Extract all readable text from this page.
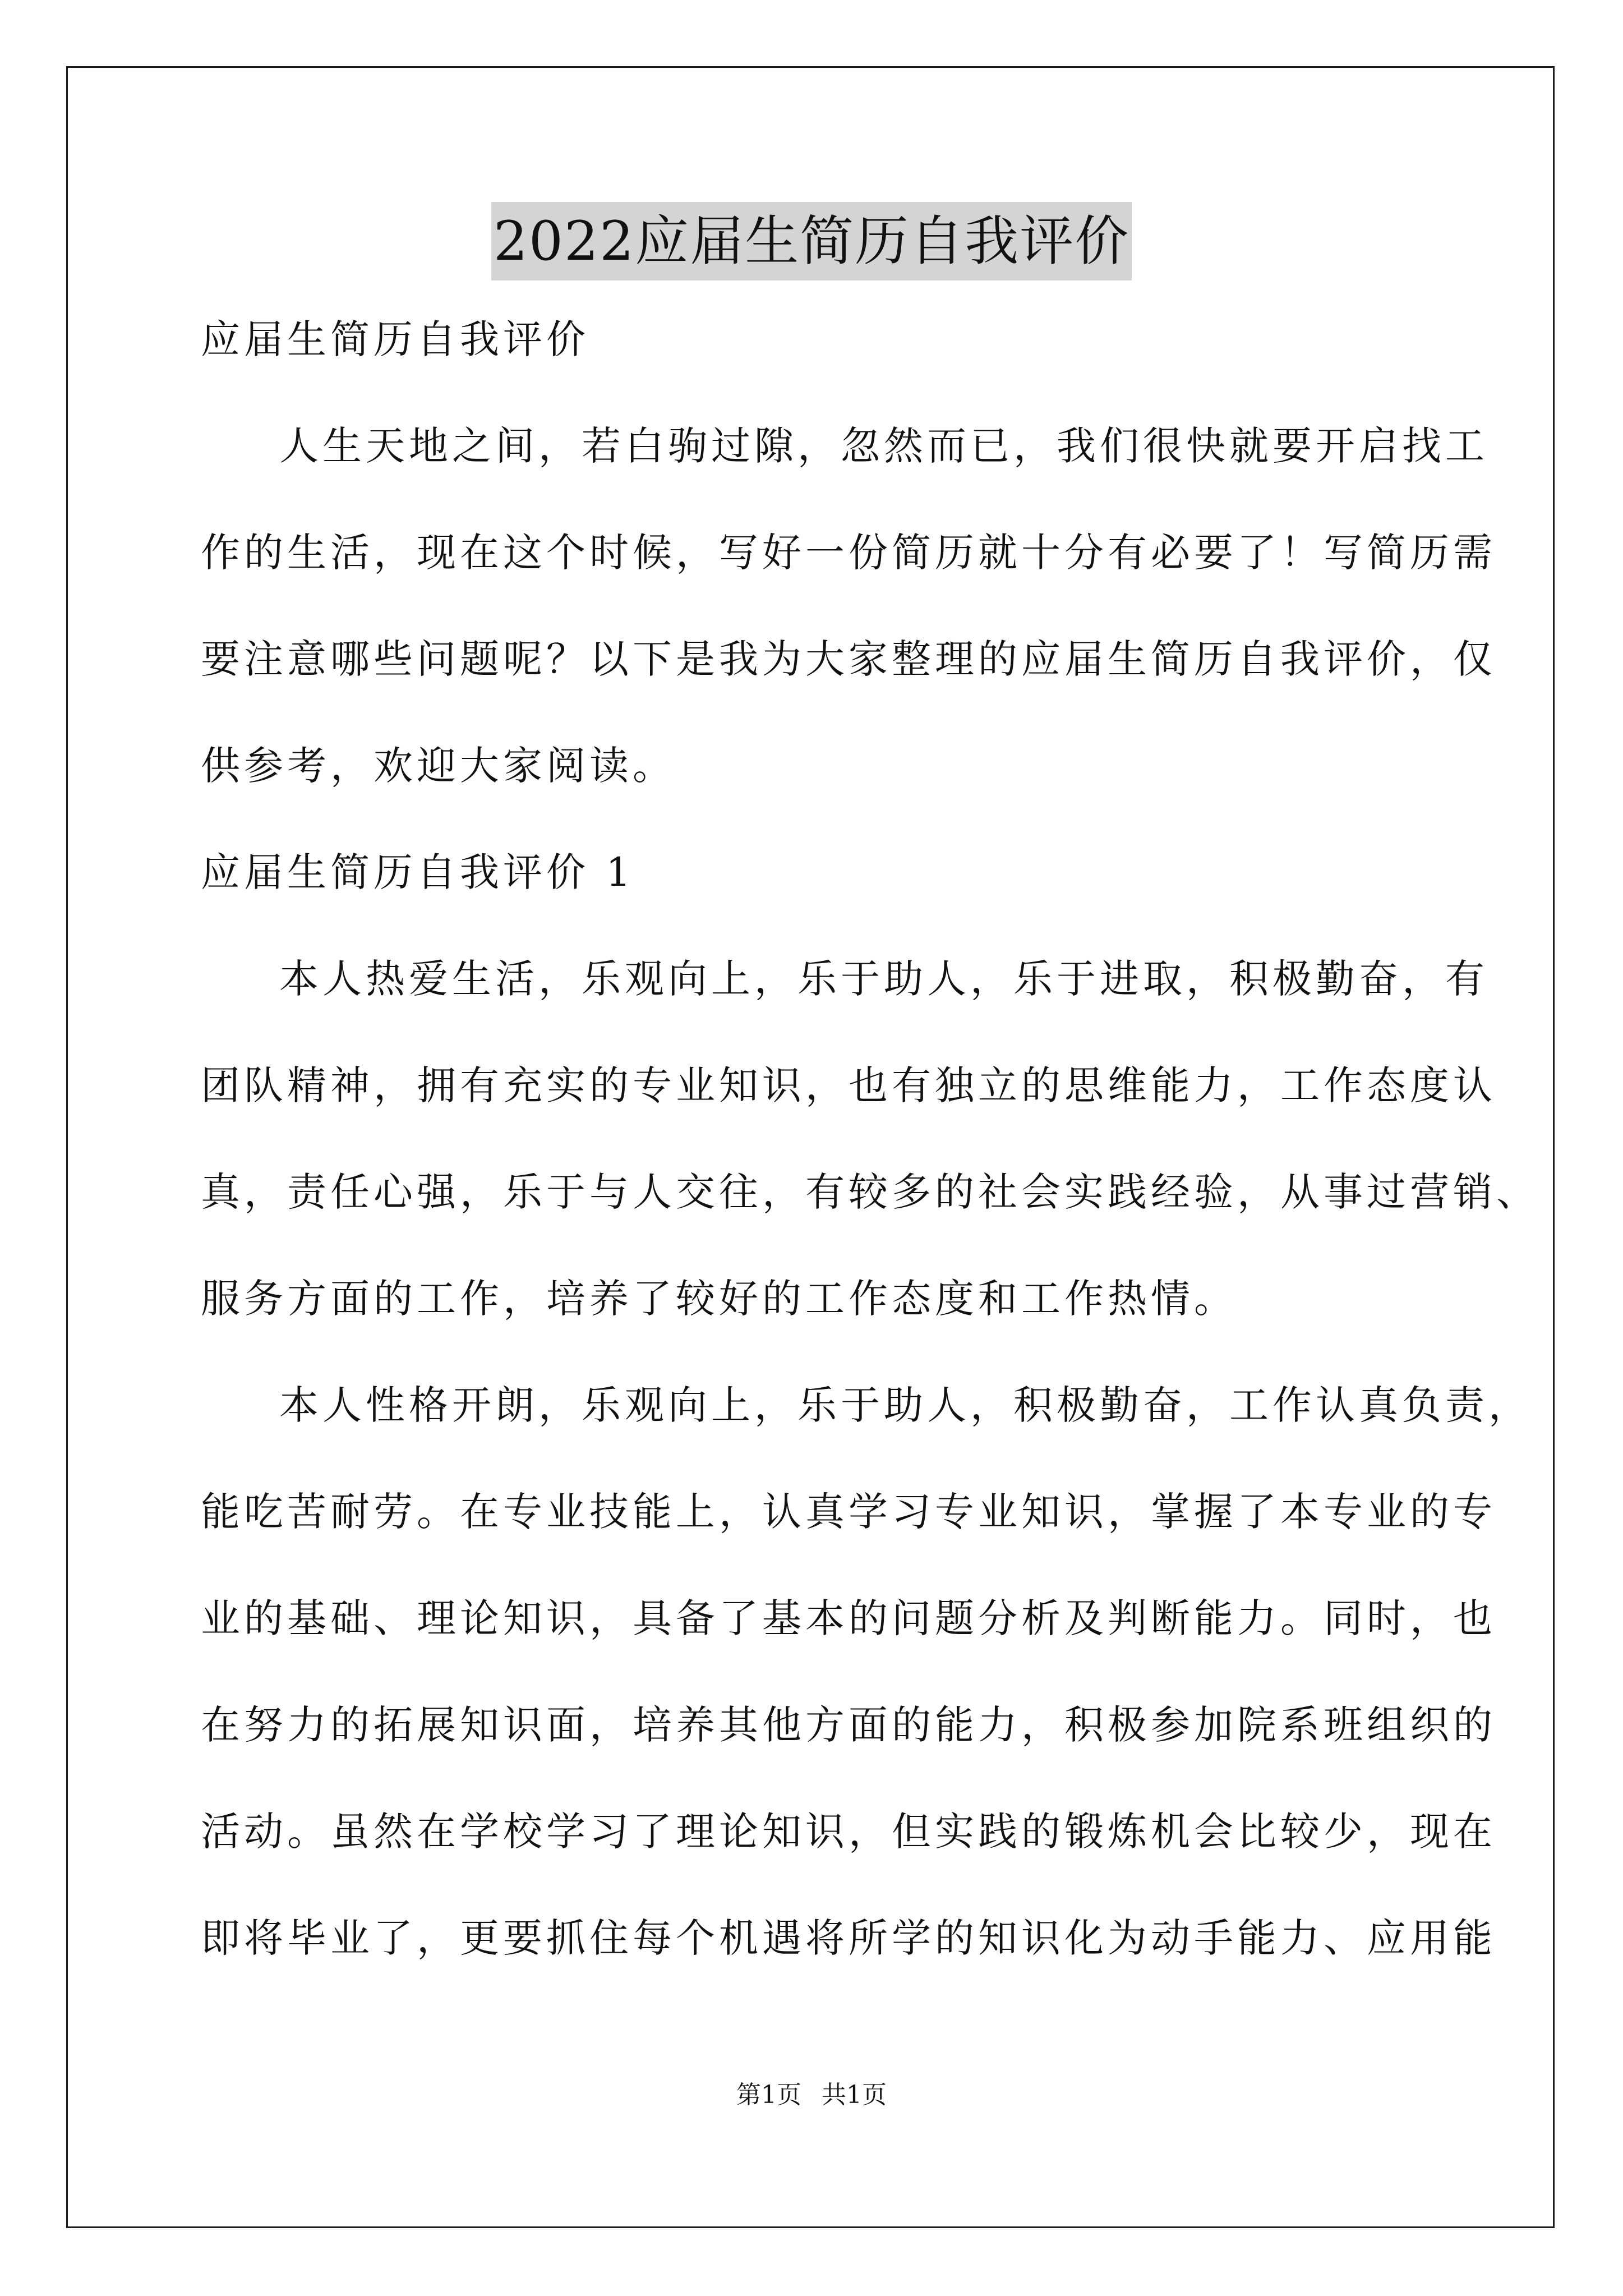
2022应届生简历自我评价
应届生简历自我评价
人生天地之间，若白驹过隙，忽然而已，我们很快就要开启找工
作的生活，现在这个时候，写好一份简历就十分有必要了！写简历需
要注意哪些问题呢？以下是我为大家整理的应届生简历自我评价，仅
供参考，欢迎大家阅读。
应届生简历自我评价 1
本人热爱生活，乐观向上，乐于助人，乐于进取，积极勤奋，有
团队精神，拥有充实的专业知识，也有独立的思维能力，工作态度认
真，责任心强，乐于与人交往，有较多的社会实践经验，从事过营销、
服务方面的工作，培养了较好的工作态度和工作热情。
本人性格开朗，乐观向上，乐于助人，积极勤奋，工作认真负责，
能吃苦耐劳。在专业技能上，认真学习专业知识，掌握了本专业的专
业的基础、理论知识，具备了基本的问题分析及判断能力。同时，也
在努力的拓展知识面，培养其他方面的能力，积极参加院系班组织的
活动。虽然在学校学习了理论知识，但实践的锻炼机会比较少，现在
即将毕业了，更要抓住每个机遇将所学的知识化为动手能力、应用能
第1页 共1页
